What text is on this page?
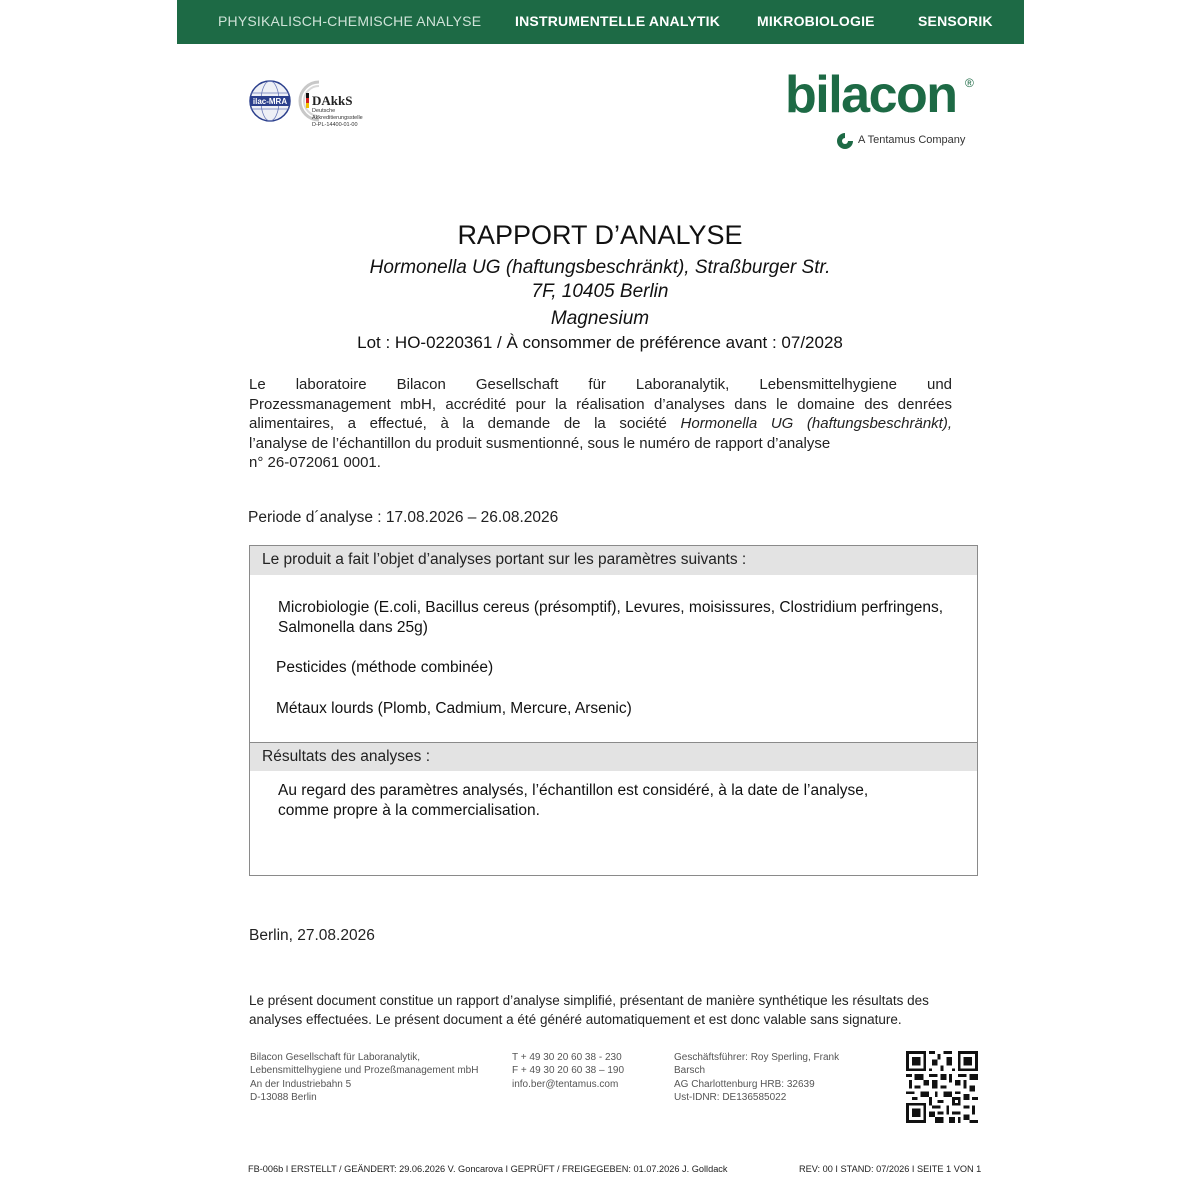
PHYSIKALISCH-CHEMISCHE ANALYSE INSTRUMENTELLE ANALYTIK	MIKROBIOLOGIE	SENSORIK
ilac-MRA DAkkS
Deutsche
Akkreditierungsstelle
D-PL-14400-01-00
bilacon ®
A Tentamus Company
RAPPORT D’ANALYSE
Hormonella UG (haftungsbeschränkt), Straßburger Str.
7F, 10405 Berlin
Magnesium
Lot : HO-0220361 / À consommer de préférence avant : 07/2028
Le laboratoire Bilacon Gesellschaft für Laboranalytik, Lebensmittelhygiene und
Prozessmanagement mbH, accrédité pour la réalisation d’analyses dans le domaine des denrées
alimentaires, a effectué, à la demande de la société Hormonella UG (haftungsbeschränkt),
l’analyse de l’échantillon du produit susmentionné, sous le numéro de rapport d’analyse
n° 26-072061 0001.
Periode d´analyse : 17.08.2026 – 26.08.2026
Le produit a fait l’objet d’analyses portant sur les paramètres suivants :
Microbiologie (E.coli, Bacillus cereus (présomptif), Levures, moisissures, Clostridium perfringens,
Salmonella dans 25g)
Pesticides (méthode combinée)
Métaux lourds (Plomb, Cadmium, Mercure, Arsenic)
Résultats des analyses :
Au regard des paramètres analysés, l’échantillon est considéré, à la date de l’analyse,
comme propre à la commercialisation.
Berlin, 27.08.2026
Le présent document constitue un rapport d’analyse simplifié, présentant de manière synthétique les résultats des
analyses effectuées. Le présent document a été généré automatiquement et est donc valable sans signature.
Bilacon Gesellschaft für Laboranalytik,
Lebensmittelhygiene und Prozeßmanagement mbH
An der Industriebahn 5
D-13088 Berlin
T + 49 30 20 60 38 - 230
F + 49 30 20 60 38 – 190
info.ber@tentamus.com
Geschäftsführer: Roy Sperling, Frank
Barsch
AG Charlottenburg HRB: 32639
Ust-IDNR: DE136585022
FB-006b I ERSTELLT / GEÄNDERT: 29.06.2026 V. Goncarova I GEPRÜFT / FREIGEGEBEN: 01.07.2026 J. Golldack	REV: 00 I STAND: 07/2026 I SEITE 1 VON 1
